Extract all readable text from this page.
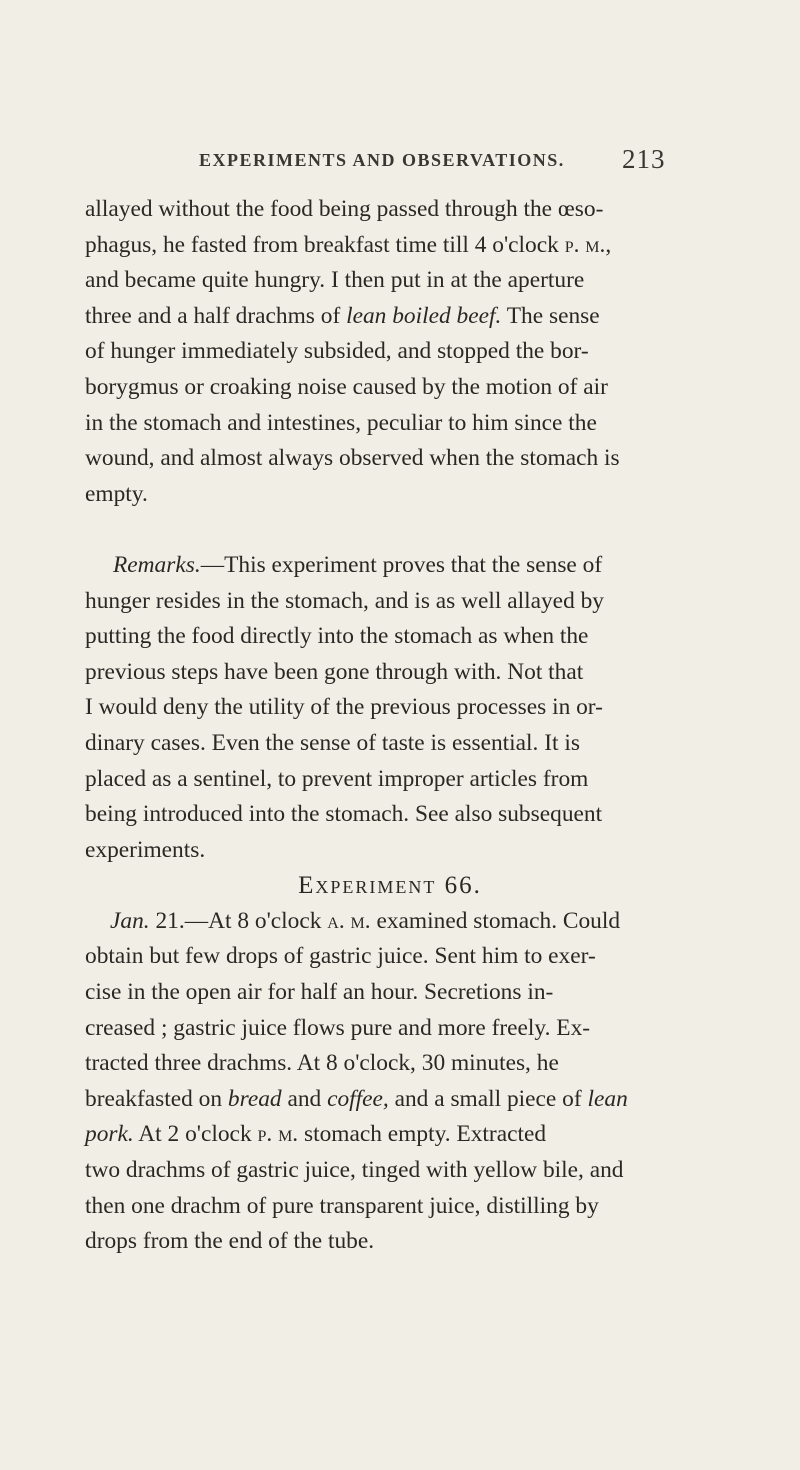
EXPERIMENTS AND OBSERVATIONS. 213
allayed without the food being passed through the œso-
phagus, he fasted from breakfast time till 4 o'clock p. m.,
and became quite hungry. I then put in at the aperture
three and a half drachms of lean boiled beef. The sense
of hunger immediately subsided, and stopped the bor-
borygmus or croaking noise caused by the motion of air
in the stomach and intestines, peculiar to him since the
wound, and almost always observed when the stomach is
empty.
Remarks.—This experiment proves that the sense of
hunger resides in the stomach, and is as well allayed by
putting the food directly into the stomach as when the
previous steps have been gone through with. Not that
I would deny the utility of the previous processes in or-
dinary cases. Even the sense of taste is essential. It is
placed as a sentinel, to prevent improper articles from
being introduced into the stomach. See also subsequent
experiments.
Experiment 66.
Jan. 21.—At 8 o'clock a. m. examined stomach. Could
obtain but few drops of gastric juice. Sent him to exer-
cise in the open air for half an hour. Secretions in-
creased ; gastric juice flows pure and more freely. Ex-
tracted three drachms. At 8 o'clock, 30 minutes, he
breakfasted on bread and coffee, and a small piece of lean
pork. At 2 o'clock p. m. stomach empty. Extracted
two drachms of gastric juice, tinged with yellow bile, and
then one drachm of pure transparent juice, distilling by
drops from the end of the tube.
